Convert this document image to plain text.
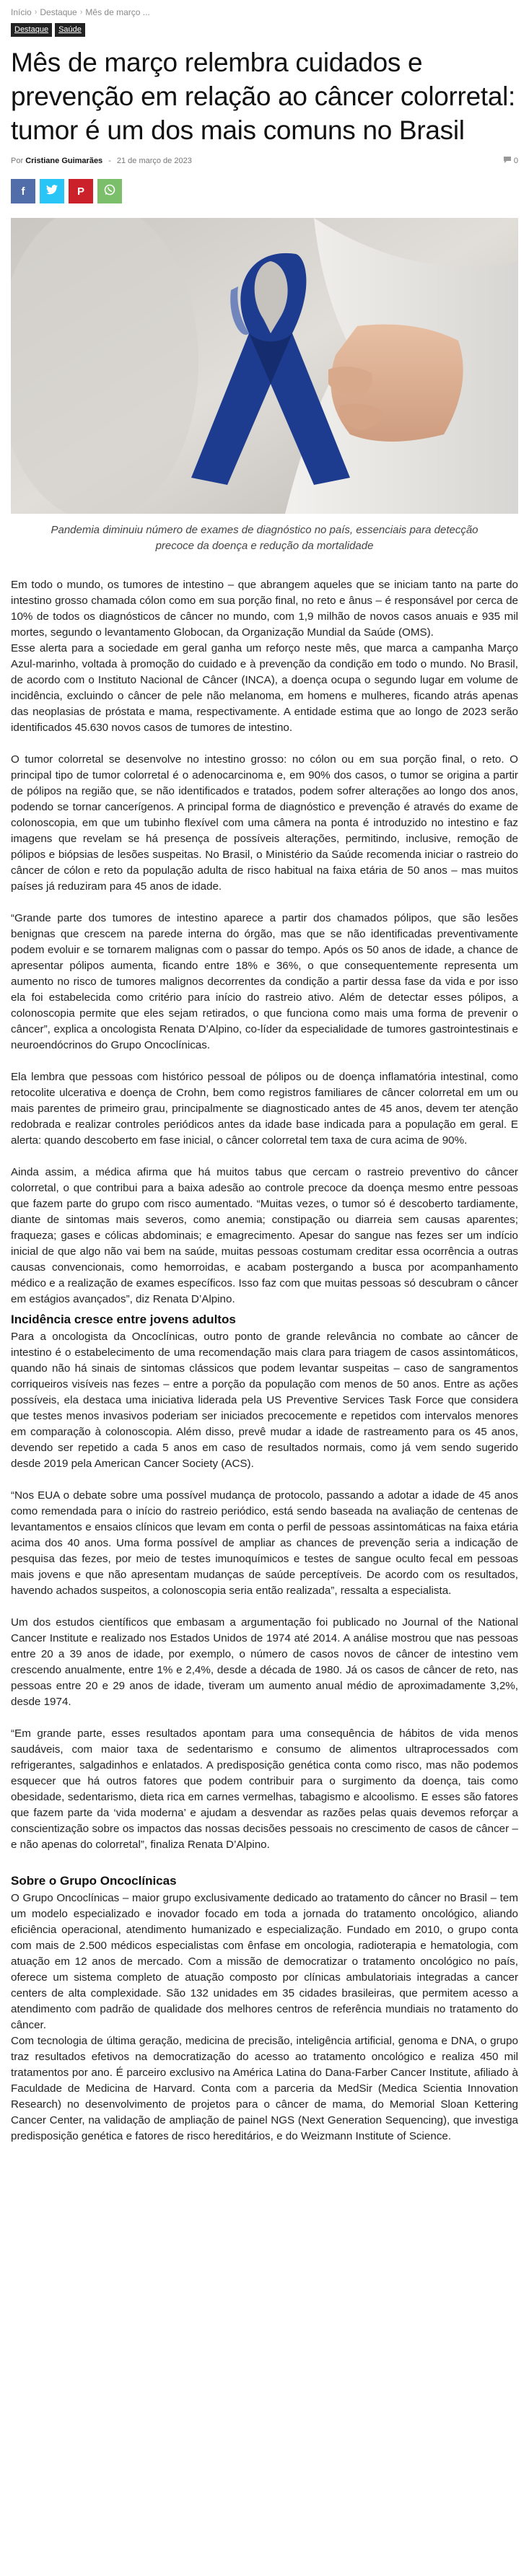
Início › Destaque › Mês de março ...
Destaque	Saúde
Mês de março relembra cuidados e prevenção em relação ao câncer colorretal: tumor é um dos mais comuns no Brasil
Por Cristiane Guimarães - 21 de março de 2023	0
f	P

Pandemia diminuiu número de exames de diagnóstico no país, essenciais para detecção precoce da doença e redução da mortalidade

Em todo o mundo, os tumores de intestino – que abrangem aqueles que se iniciam tanto na parte do intestino grosso chamada cólon como em sua porção final, no reto e ânus – é responsável por cerca de 10% de todos os diagnósticos de câncer no mundo, com 1,9 milhão de novos casos anuais e 935 mil mortes, segundo o levantamento Globocan, da Organização Mundial da Saúde (OMS).

Esse alerta para a sociedade em geral ganha um reforço neste mês, que marca a campanha Março Azul-marinho, voltada à promoção do cuidado e à prevenção da condição em todo o mundo. No Brasil, de acordo com o Instituto Nacional de Câncer (INCA), a doença ocupa o segundo lugar em volume de incidência, excluindo o câncer de pele não melanoma, em homens e mulheres, ficando atrás apenas das neoplasias de próstata e mama, respectivamente. A entidade estima que ao longo de 2023 serão identificados 45.630 novos casos de tumores de intestino.

O tumor colorretal se desenvolve no intestino grosso: no cólon ou em sua porção final, o reto. O principal tipo de tumor colorretal é o adenocarcinoma e, em 90% dos casos, o tumor se origina a partir de pólipos na região que, se não identificados e tratados, podem sofrer alterações ao longo dos anos, podendo se tornar cancerígenos. A principal forma de diagnóstico e prevenção é através do exame de colonoscopia, em que um tubinho flexível com uma câmera na ponta é introduzido no intestino e faz imagens que revelam se há presença de possíveis alterações, permitindo, inclusive, remoção de pólipos e biópsias de lesões suspeitas. No Brasil, o Ministério da Saúde recomenda iniciar o rastreio do câncer de cólon e reto da população adulta de risco habitual na faixa etária de 50 anos – mas muitos países já reduziram para 45 anos de idade.

“Grande parte dos tumores de intestino aparece a partir dos chamados pólipos, que são lesões benignas que crescem na parede interna do órgão, mas que se não identificadas preventivamente podem evoluir e se tornarem malignas com o passar do tempo. Após os 50 anos de idade, a chance de apresentar pólipos aumenta, ficando entre 18% e 36%, o que consequentemente representa um aumento no risco de tumores malignos decorrentes da condição a partir dessa fase da vida e por isso ela foi estabelecida como critério para início do rastreio ativo. Além de detectar esses pólipos, a colonoscopia permite que eles sejam retirados, o que funciona como mais uma forma de prevenir o câncer”, explica a oncologista Renata D’Alpino, co-líder da especialidade de tumores gastrointestinais e neuroendócrinos do Grupo Oncoclínicas.

Ela lembra que pessoas com histórico pessoal de pólipos ou de doença inflamatória intestinal, como retocolite ulcerativa e doença de Crohn, bem como registros familiares de câncer colorretal em um ou mais parentes de primeiro grau, principalmente se diagnosticado antes de 45 anos, devem ter atenção redobrada e realizar controles periódicos antes da idade base indicada para a população em geral. E alerta: quando descoberto em fase inicial, o câncer colorretal tem taxa de cura acima de 90%.

Ainda assim, a médica afirma que há muitos tabus que cercam o rastreio preventivo do câncer colorretal, o que contribui para a baixa adesão ao controle precoce da doença mesmo entre pessoas que fazem parte do grupo com risco aumentado. “Muitas vezes, o tumor só é descoberto tardiamente, diante de sintomas mais severos, como anemia; constipação ou diarreia sem causas aparentes; fraqueza; gases e cólicas abdominais; e emagrecimento. Apesar do sangue nas fezes ser um indício inicial de que algo não vai bem na saúde, muitas pessoas costumam creditar essa ocorrência a outras causas convencionais, como hemorroidas, e acabam postergando a busca por acompanhamento médico e a realização de exames específicos. Isso faz com que muitas pessoas só descubram o câncer em estágios avançados”, diz Renata D’Alpino.

Incidência cresce entre jovens adultos

Para a oncologista da Oncoclínicas, outro ponto de grande relevância no combate ao câncer de intestino é o estabelecimento de uma recomendação mais clara para triagem de casos assintomáticos, quando não há sinais de sintomas clássicos que podem levantar suspeitas – caso de sangramentos corriqueiros visíveis nas fezes – entre a porção da população com menos de 50 anos. Entre as ações possíveis, ela destaca uma iniciativa liderada pela US Preventive Services Task Force que considera que testes menos invasivos poderiam ser iniciados precocemente e repetidos com intervalos menores em comparação à colonoscopia. Além disso, prevê mudar a idade de rastreamento para os 45 anos, devendo ser repetido a cada 5 anos em caso de resultados normais, como já vem sendo sugerido desde 2019 pela American Cancer Society (ACS).

“Nos EUA o debate sobre uma possível mudança de protocolo, passando a adotar a idade de 45 anos como remendada para o início do rastreio periódico, está sendo baseada na avaliação de centenas de levantamentos e ensaios clínicos que levam em conta o perfil de pessoas assintomáticas na faixa etária acima dos 40 anos. Uma forma possível de ampliar as chances de prevenção seria a indicação de pesquisa das fezes, por meio de testes imunoquímicos e testes de sangue oculto fecal em pessoas mais jovens e que não apresentam mudanças de saúde perceptíveis. De acordo com os resultados, havendo achados suspeitos, a colonoscopia seria então realizada”, ressalta a especialista.

Um dos estudos científicos que embasam a argumentação foi publicado no Journal of the National Cancer Institute e realizado nos Estados Unidos de 1974 até 2014. A análise mostrou que nas pessoas entre 20 a 39 anos de idade, por exemplo, o número de casos novos de câncer de intestino vem crescendo anualmente, entre 1% e 2,4%, desde a década de 1980. Já os casos de câncer de reto, nas pessoas entre 20 e 29 anos de idade, tiveram um aumento anual médio de aproximadamente 3,2%, desde 1974.

“Em grande parte, esses resultados apontam para uma consequência de hábitos de vida menos saudáveis, com maior taxa de sedentarismo e consumo de alimentos ultraprocessados com refrigerantes, salgadinhos e enlatados. A predisposição genética conta como risco, mas não podemos esquecer que há outros fatores que podem contribuir para o surgimento da doença, tais como obesidade, sedentarismo, dieta rica em carnes vermelhas, tabagismo e alcoolismo. E esses são fatores que fazem parte da ‘vida moderna’ e ajudam a desvendar as razões pelas quais devemos reforçar a conscientização sobre os impactos das nossas decisões pessoais no crescimento de casos de câncer – e não apenas do colorretal”, finaliza Renata D’Alpino.

Sobre o Grupo Oncoclínicas

O Grupo Oncoclínicas – maior grupo exclusivamente dedicado ao tratamento do câncer no Brasil – tem um modelo especializado e inovador focado em toda a jornada do tratamento oncológico, aliando eficiência operacional, atendimento humanizado e especialização. Fundado em 2010, o grupo conta com mais de 2.500 médicos especialistas com ênfase em oncologia, radioterapia e hematologia, com atuação em 12 anos de mercado. Com a missão de democratizar o tratamento oncológico no país, oferece um sistema completo de atuação composto por clínicas ambulatoriais integradas a cancer centers de alta complexidade. São 132 unidades em 35 cidades brasileiras, que permitem acesso a atendimento com padrão de qualidade dos melhores centros de referência mundiais no tratamento do câncer.

Com tecnologia de última geração, medicina de precisão, inteligência artificial, genoma e DNA, o grupo traz resultados efetivos na democratização do acesso ao tratamento oncológico e realiza 450 mil tratamentos por ano. É parceiro exclusivo na América Latina do Dana-Farber Cancer Institute, afiliado à Faculdade de Medicina de Harvard. Conta com a parceria da MedSir (Medica Scientia Innovation Research) no desenvolvimento de projetos para o câncer de mama, do Memorial Sloan Kettering Cancer Center, na validação de ampliação de painel NGS (Next Generation Sequencing), que investiga predisposição genética e fatores de risco hereditários, e do Weizmann Institute of Science.
